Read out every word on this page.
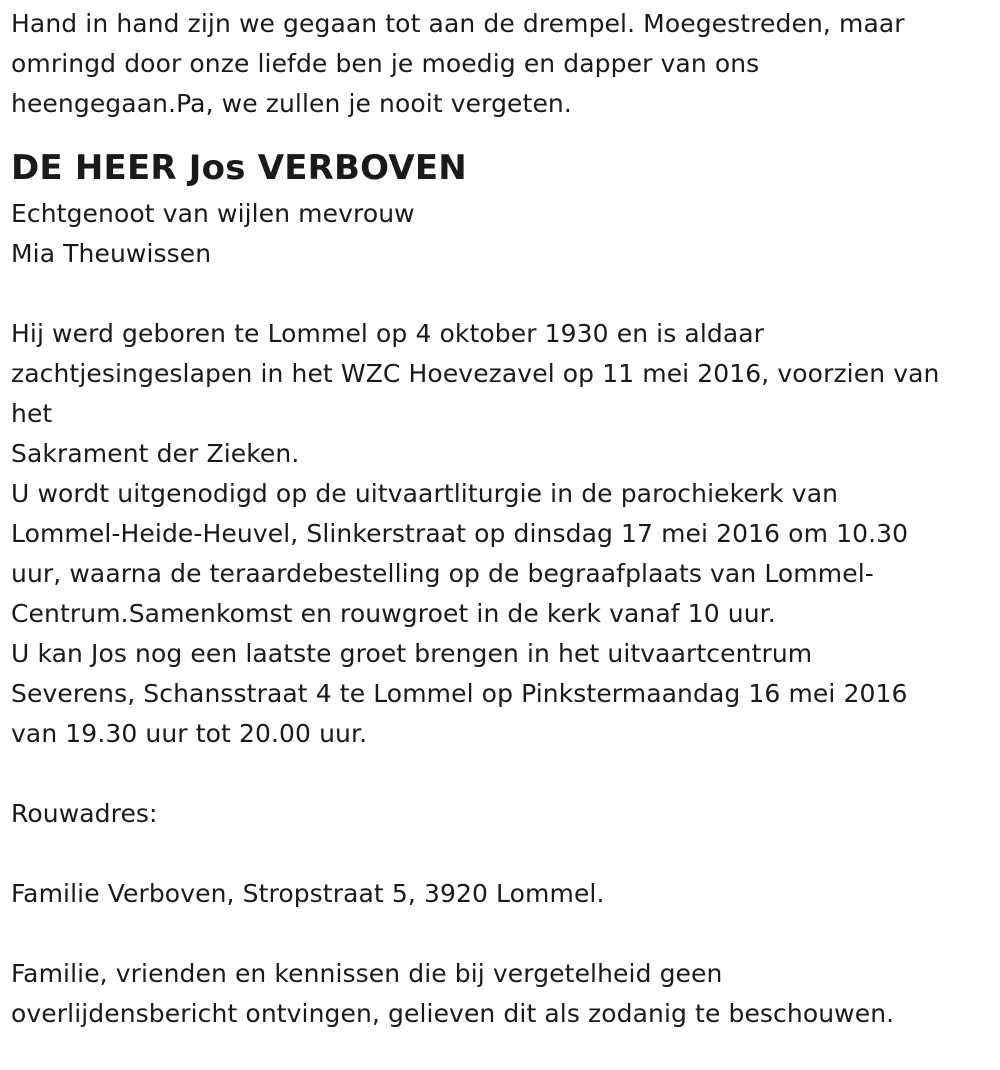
Hand in hand zijn we gegaan tot aan de drempel. Moegestreden, maar
omringd door onze liefde ben je moedig en dapper van ons
heengegaan.Pa, we zullen je nooit vergeten.
DE HEER Jos VERBOVEN
Echtgenoot van wijlen mevrouw
Mia Theuwissen
Hij werd geboren te Lommel op 4 oktober 1930 en is aldaar
zachtjesingeslapen in het WZC Hoevezavel op 11 mei 2016, voorzien van
het
Sakrament der Zieken.
U wordt uitgenodigd op de uitvaartliturgie in de parochiekerk van
Lommel-Heide-Heuvel, Slinkerstraat op dinsdag 17 mei 2016 om 10.30
uur, waarna de teraardebestelling op de begraafplaats van Lommel-
Centrum.Samenkomst en rouwgroet in de kerk vanaf 10 uur.
U kan Jos nog een laatste groet brengen in het uitvaartcentrum
Severens, Schansstraat 4 te Lommel op Pinkstermaandag 16 mei 2016
van 19.30 uur tot 20.00 uur.
Rouwadres:
Familie Verboven, Stropstraat 5, 3920 Lommel.
Familie, vrienden en kennissen die bij vergetelheid geen
overlijdensbericht ontvingen, gelieven dit als zodanig te beschouwen.
